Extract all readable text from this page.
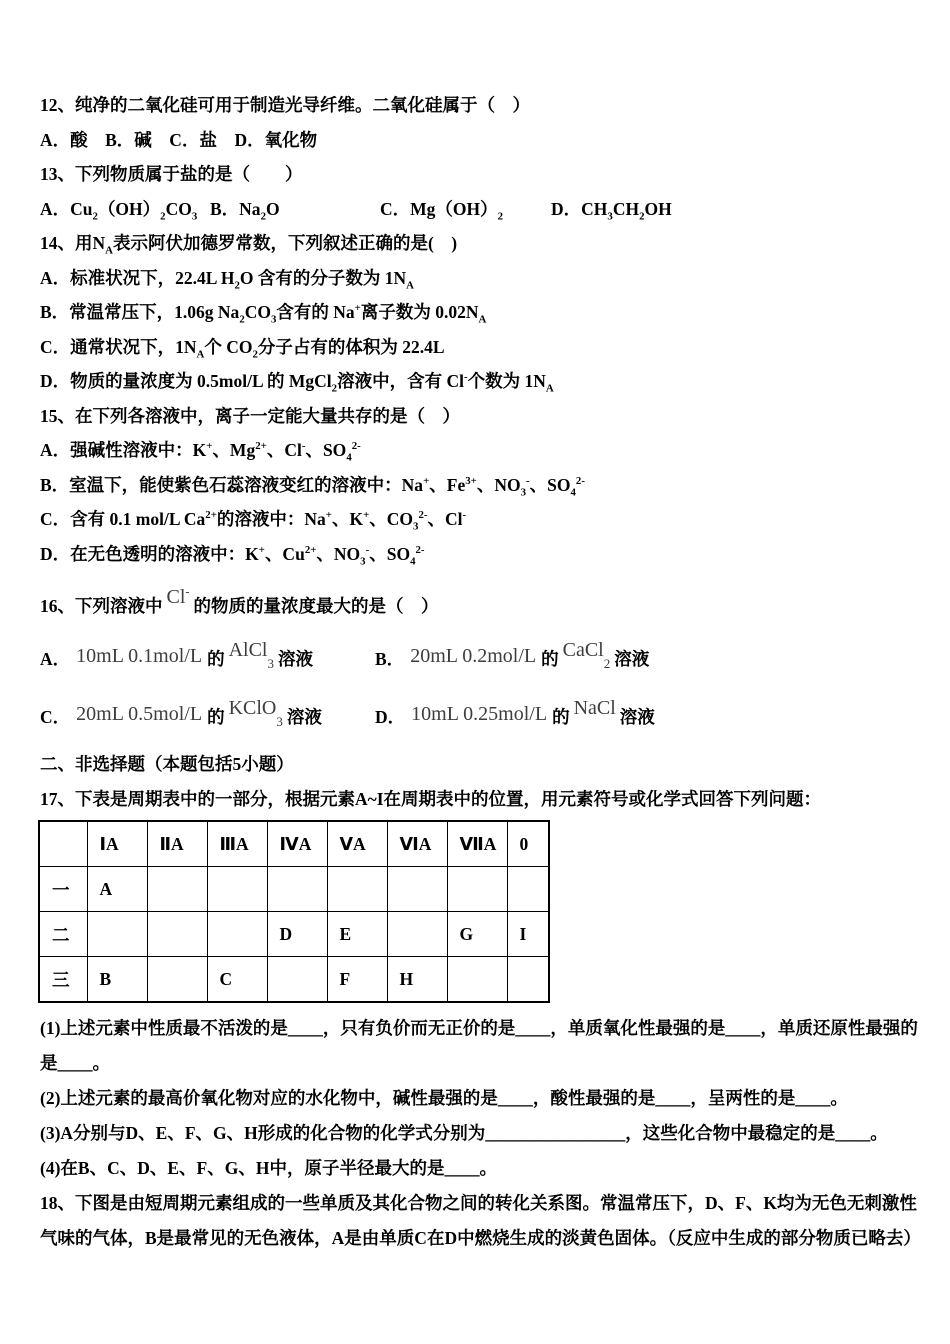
12、纯净的二氧化硅可用于制造光导纤维。二氧化硅属于（　）

A．酸　B．碱　C．盐　D．氧化物

13、下列物质属于盐的是（　　）

A．$Cu_2(OH)_2CO_3$ B．$Na_2O$	C．$Mg(OH)_2$	D．$CH_3CH_2OH$

14、用$N_A$表示阿伏加德罗常数，下列叙述正确的是(　)

A．标准状况下，22.4L $H_2O$ 含有的分子数为 $1N_A$

B．常温常压下，1.06g $Na_2CO_3$含有的 Na+离子数为 $0.02N_A$

C．通常状况下，$1N_A$个 $CO_2$分子占有的体积为 22.4L

D．物质的量浓度为 0.5mol/L 的 MgCl$_2$溶液中，含有 Cl-个数为 $1N_A$

15、在下列各溶液中，离子一定能大量共存的是（　）

A．强碱性溶液中：K+、$Mg^{2+}$、Cl-、$SO_4^{2-}$

B．室温下，能使紫色石蕊溶液变红的溶液中：Na+、$Fe^{3+}$、$NO_3^-$、$SO_4^{2-}$

C．含有 0.1 mol/L $Ca^{2+}$的溶液中：Na+、K+、$CO_3^{2-}$、Cl-

D．在无色透明的溶液中：K+、$Cu^{2+}$、$NO_3^-$、$SO_4^{2-}$

16、下列溶液中 Cl-的物质的量浓度最大的是（　）

A． 10mL 0.1mol/L 的 AlCl$_3$ 溶液	B． 20mL 0.2mol/L 的 CaCl$_2$ 溶液
C． 20mL 0.5mol/L 的 KClO$_3$ 溶液	D． 10mL 0.25mol/L 的 NaCl 溶液

二、非选择题（本题包括5小题）

17、下表是周期表中的一部分，根据元素A~I在周期表中的位置，用元素符号或化学式回答下列问题：

	ⅠA	ⅡA	ⅢA	ⅣA	ⅤA	ⅥA	ⅦA	0
一	A							
二				D	E		G	I
三	B		C		F	H		

(1)上述元素中性质最不活泼的是____，只有负价而无正价的是____，单质氧化性最强的是____，单质还原性最强的是____。

(2)上述元素的最高价氧化物对应的水化物中，碱性最强的是____，酸性最强的是____，呈两性的是____。

(3)A分别与D、E、F、G、H形成的化合物的化学式分别为________________，这些化合物中最稳定的是____。

(4)在B、C、D、E、F、G、H中，原子半径最大的是____。

18、下图是由短周期元素组成的一些单质及其化合物之间的转化关系图。常温常压下，D、F、K均为无色无刺激性气味的气体，B是最常见的无色液体，A是由单质C在D中燃烧生成的淡黄色固体。（反应中生成的部分物质已略去）
